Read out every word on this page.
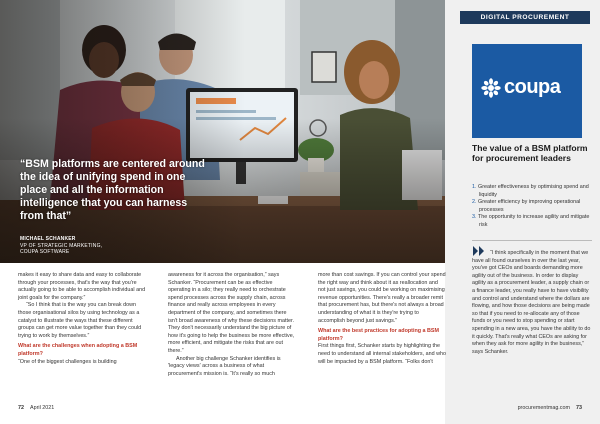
“BSM platforms are centered around the idea of unifying spend in one place and all the information intelligence that you can harness from that”
MICHAEL SCHANKER
VP OF STRATEGIC MARKETING,
COUPA SOFTWARE
DIGITAL PROCUREMENT
coupa
The value of a BSM platform for procurement leaders
1. Greater effectiveness by optimising spend and liquidity
2. Greater efficiency by improving operational processes
3. The opportunity to increase agility and mitigate risk
“I think specifically in the moment that we have all found ourselves in over the last year, you've got CEOs and boards demanding more agility out of the business. In order to display agility as a procurement leader, a supply chain or a finance leader, you really have to have visibility and control and understand where the dollars are flowing, and how those decisions are being made so that if you need to re-allocate any of those funds or you need to stop spending or start spending in a new area, you have the ability to do it quickly. That's really what CEOs are asking for when they ask for more agility in the business,” says Schanker.

makes it easy to share data and easy to collaborate through your processes, that's the way that you're actually going to be able to accomplish individual and joint goals for the company.”

“So I think that is the way you can break down those organisational silos by using technology as a catalyst to illustrate the ways that these different groups can get more value together than they could trying to work by themselves.”

What are the challenges when adopting a BSM platform?

“One of the biggest challenges is building

awareness for it across the organisation,” says Schanker. “Procurement can be as effective operating in a silo; they really need to orchestrate spend processes across the supply chain, across finance and really across employees in every department of the company, and sometimes there isn't broad awareness of why these decisions matter. They don't necessarily understand the big picture of how it's going to help the business be more effective, more efficient, and mitigate the risks that are out there.”

Another big challenge Schanker identifies is 'legacy views' across a business of what procurement's mission is. “It's really so much

more than cost savings. If you can control your spend the right way and think about it as reallocation and not just savings, you could be working on maximising revenue opportunities. There's really a broader remit that procurement has, but there's not always a broad understanding of what it is they're trying to accomplish beyond just savings.”

What are the best practices for adopting a BSM platform?

First things first, Schanker starts by highlighting the need to understand all internal stakeholders, and who will be impacted by a BSM platform. “Folks don't

72 April 2021	procurementmag.com 73
